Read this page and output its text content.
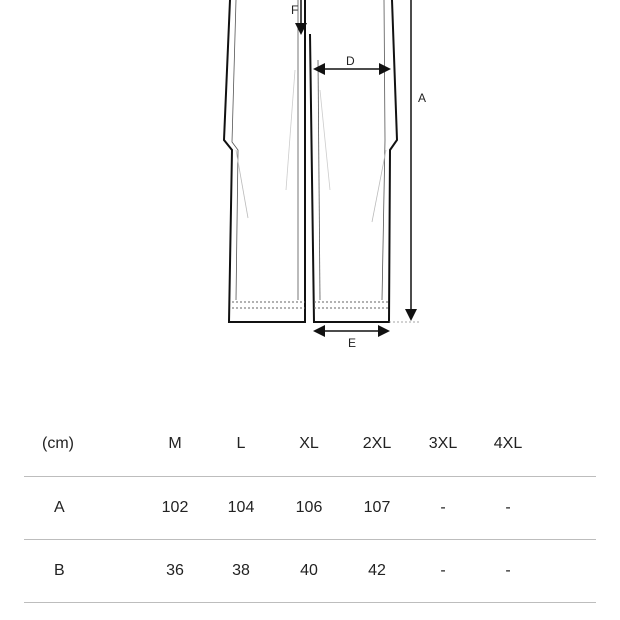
F
D
A
E
(cm)	M	L	XL	2XL	3XL	4XL
A	102	104	106	107	-	-
B	36	38	40	42	-	-
